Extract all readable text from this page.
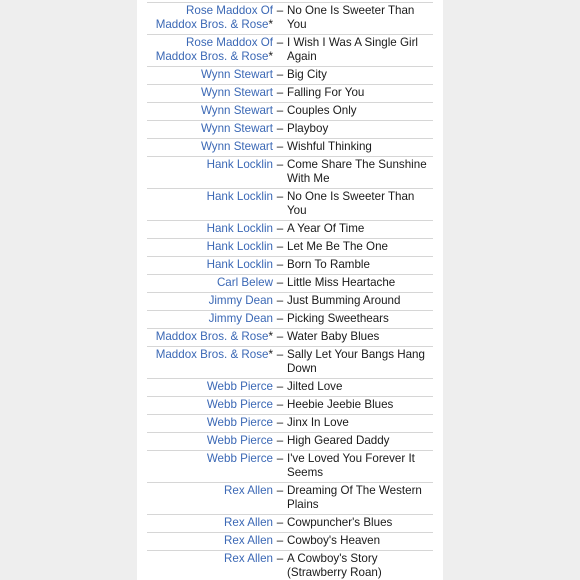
Rose Maddox Of Maddox Bros. & Rose*
– No One Is Sweeter Than You
Rose Maddox Of Maddox Bros. & Rose*
– I Wish I Was A Single Girl Again
Wynn Stewart – Big City
Wynn Stewart – Falling For You
Wynn Stewart – Couples Only
Wynn Stewart – Playboy
Wynn Stewart – Wishful Thinking
Hank Locklin – Come Share The Sunshine With Me
Hank Locklin – No One Is Sweeter Than You
Hank Locklin – A Year Of Time
Hank Locklin – Let Me Be The One
Hank Locklin – Born To Ramble
Carl Belew – Little Miss Heartache
Jimmy Dean – Just Bumming Around
Jimmy Dean – Picking Sweethears
Maddox Bros. & Rose* – Water Baby Blues
Maddox Bros. & Rose* – Sally Let Your Bangs Hang Down
Webb Pierce – Jilted Love
Webb Pierce – Heebie Jeebie Blues
Webb Pierce – Jinx In Love
Webb Pierce – High Geared Daddy
Webb Pierce – I've Loved You Forever It Seems
Rex Allen – Dreaming Of The Western Plains
Rex Allen – Cowpuncher's Blues
Rex Allen – Cowboy's Heaven
Rex Allen – A Cowboy's Story (Strawberry Roan)
